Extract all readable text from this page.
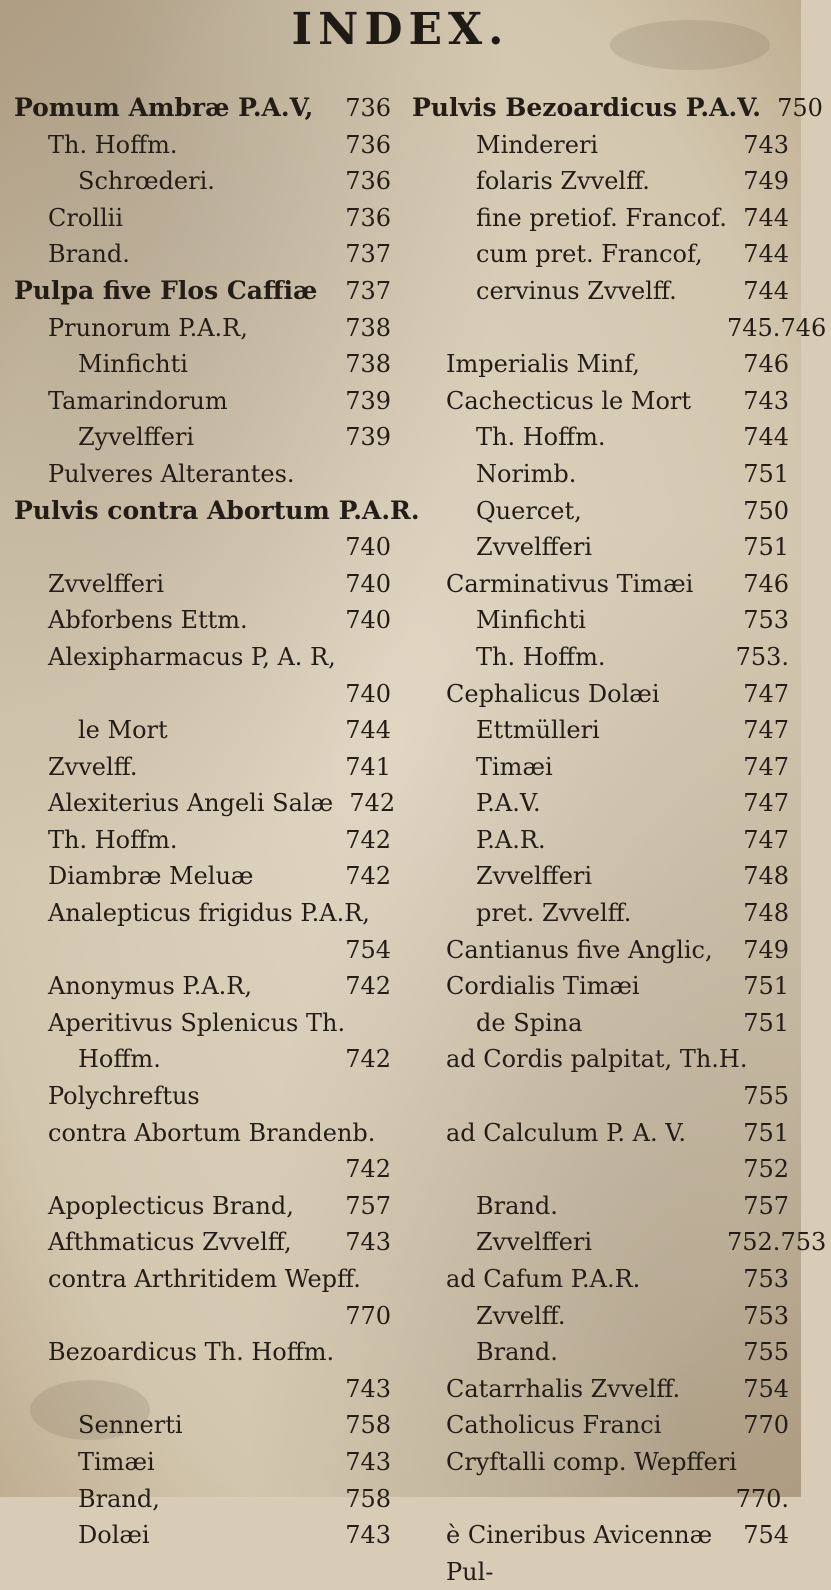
INDEX.
Pomum Ambræ P.A.V,	736
Th. Hoffm.	736
Schrœderi.	736
Crollii	736
Brand.	737
Pulpa five Flos Caffiæ	737
Prunorum P.A.R,	738
Minfichti	738
Tamarindorum	739
Zyvelfferi	739
Pulveres Alterantes.
Pulvis contra Abortum P.A.R.
740
Zvvelfferi	740
Abforbens Ettm.	740
Alexipharmacus P, A. R,
740
le Mort	744
Zvvelff.	741
Alexiterius Angeli Salæ 742
Th. Hoffm.	742
Diambræ Meluæ	742
Analepticus frigidus P.A.R,
754
Anonymus P.A.R,	742
Aperitivus Splenicus Th.
Hoffm.	742
Polychreftus
contra Abortum Brandenb.
742
Apoplecticus Brand,	757
Afthmaticus Zvvelff,	743
contra Arthritidem Wepff.
770
Bezoardicus Th. Hoffm.
743
Sennerti	758
Timæi	743
Brand,	758
Dolæi	743
Pulvis Bezoardicus P.A.V. 750
Mindereri	743
folaris Zvvelff.	749
fine pretiof. Francof. 744
cum pret. Francof,	744
cervinus Zvvelff.	744
745.746
Imperialis Minf,	746
Cachecticus le Mort	743
Th. Hoffm.	744
Norimb.	751
Quercet,	750
Zvvelfferi	751
Carminativus Timæi	746
Minfichti	753
Th. Hoffm.	753.
Cephalicus Dolæi	747
Ettmülleri	747
Timæi	747
P.A.V.	747
P.A.R.	747
Zvvelfferi	748
pret. Zvvelff.	748
Cantianus five Anglic,	749
Cordialis Timæi	751
de Spina	751
ad Cordis palpitat, Th.H.
755
ad Calculum P. A. V.	751
752
Brand.	757
Zvvelfferi	752.753
ad Cafum P.A.R.	753
Zvvelff.	753
Brand.	755
Catarrhalis Zvvelff.	754
Catholicus Franci	770
Cryftalli comp. Wepfferi
770.
è Cineribus Avicennæ	754
Pul-
